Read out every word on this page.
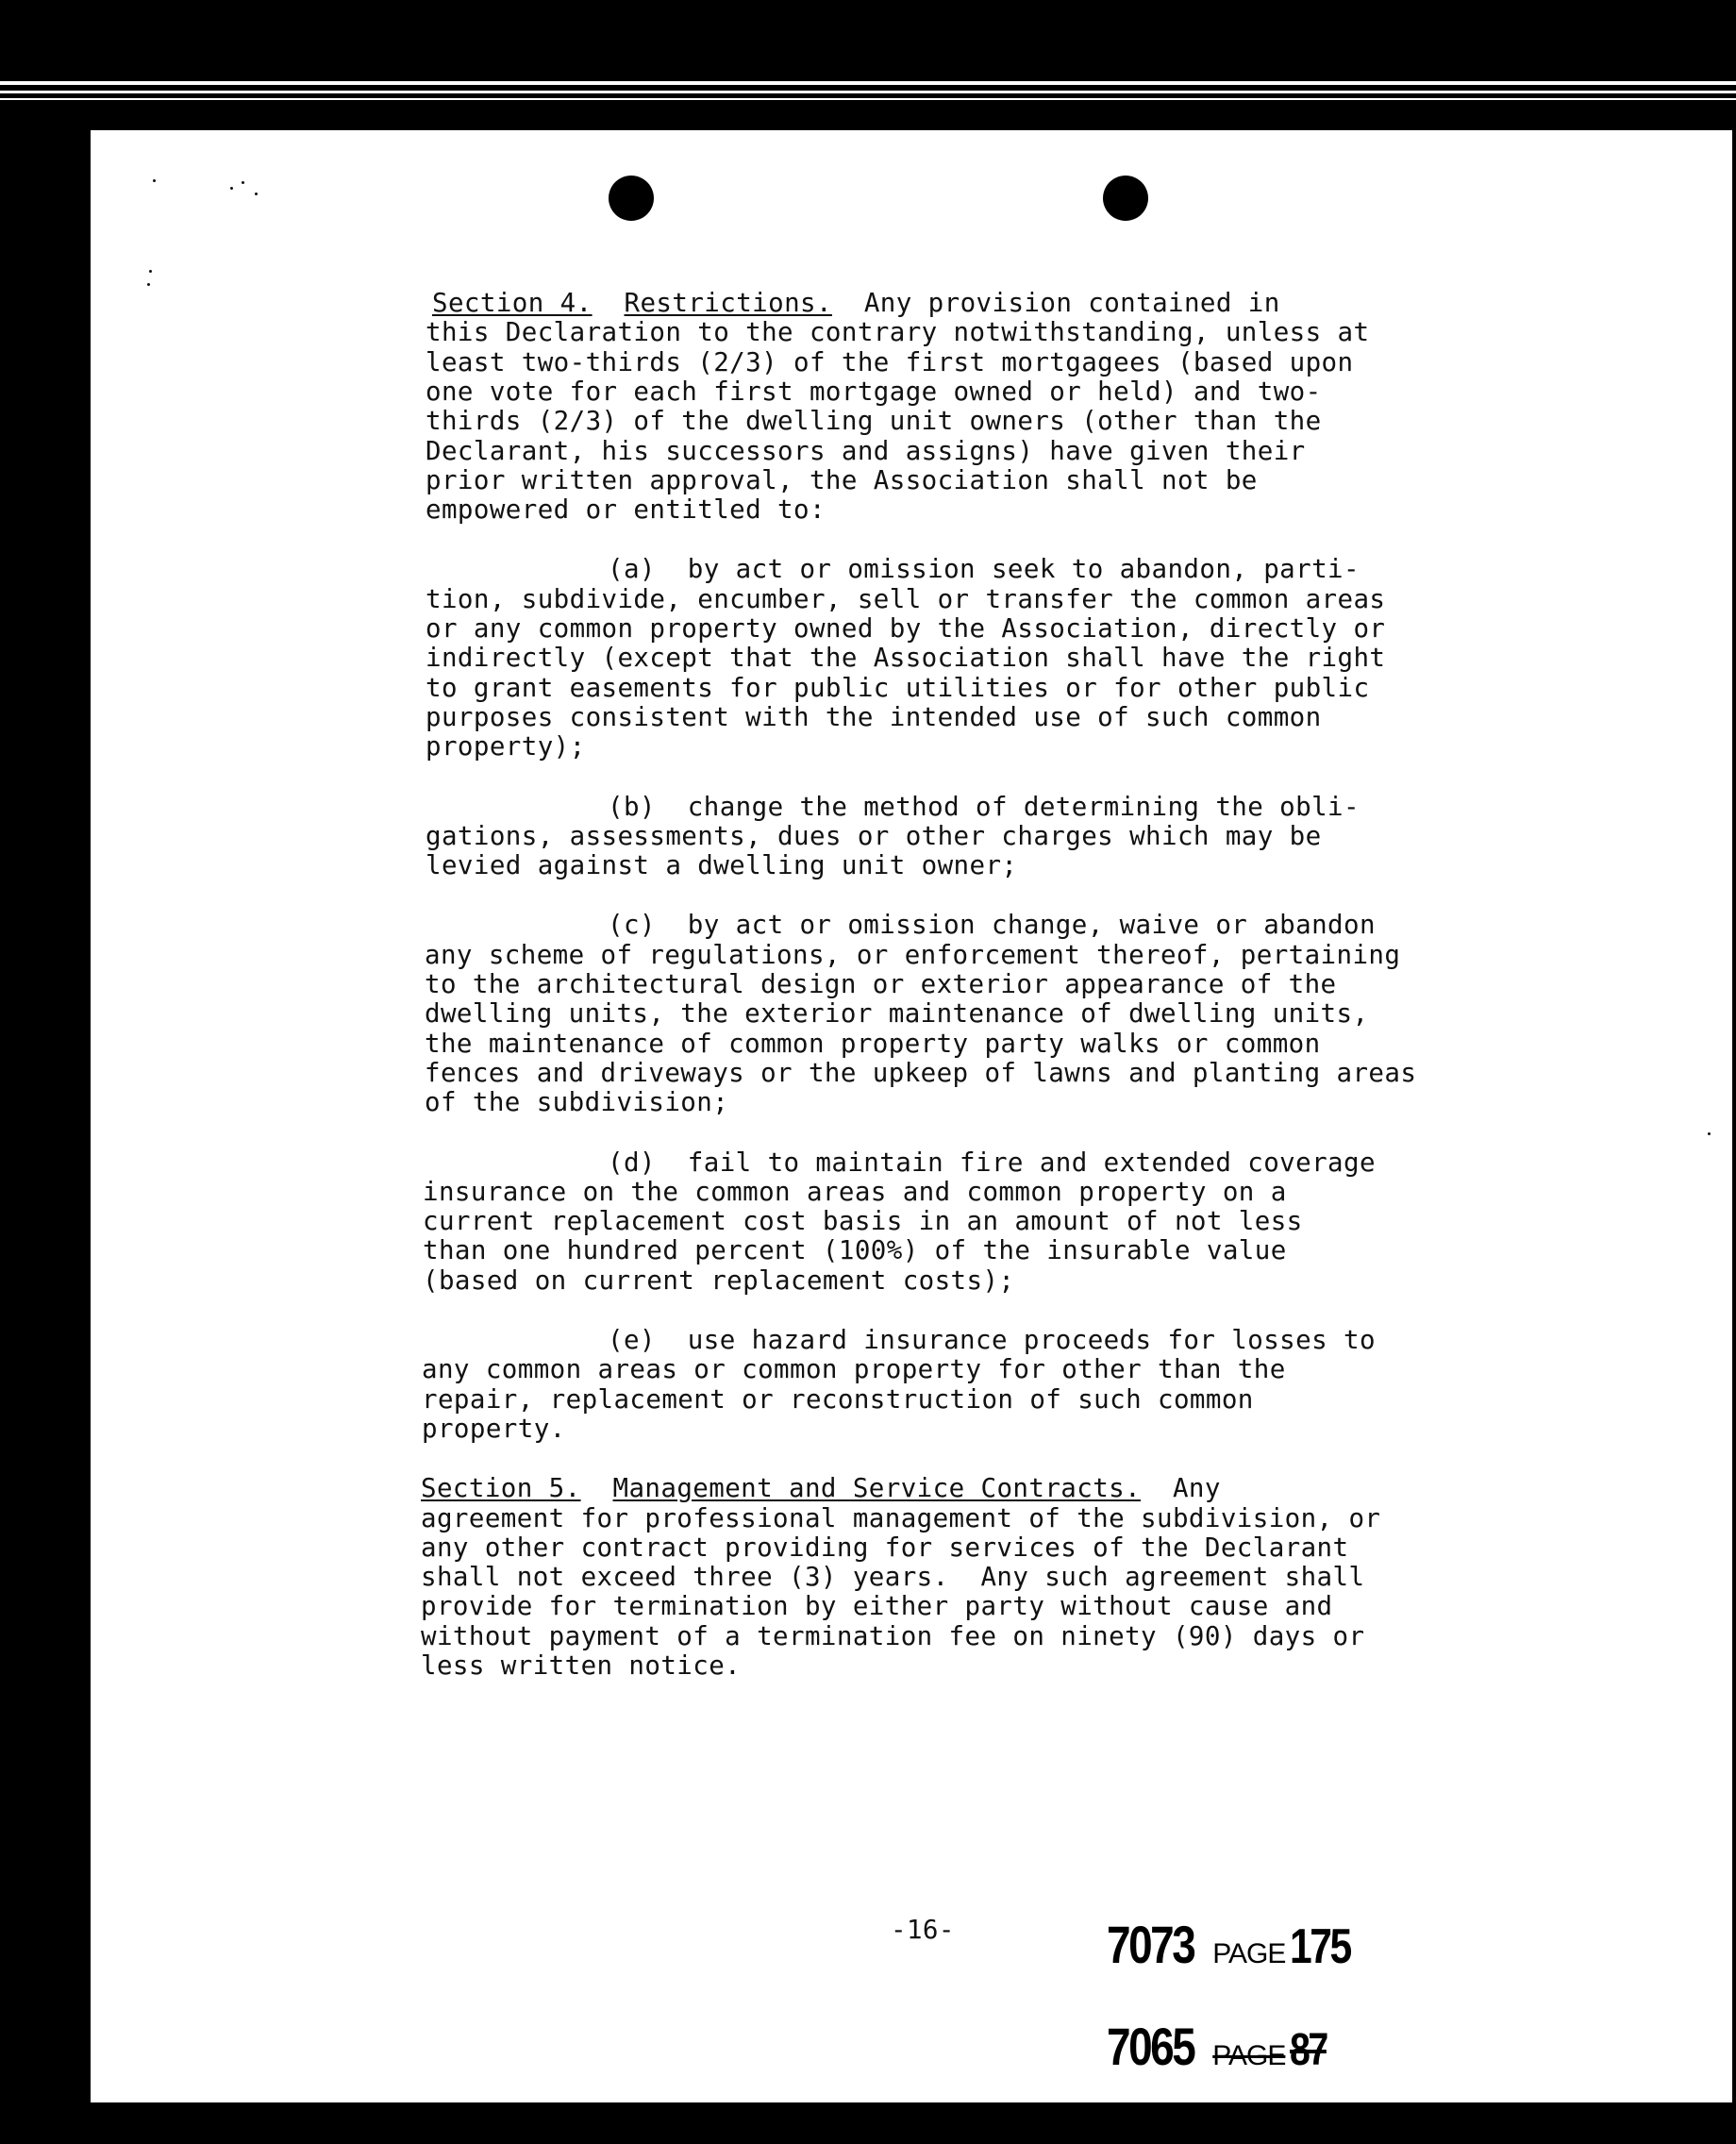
Section 4. Restrictions.  Any provision contained in
this Declaration to the contrary notwithstanding, unless at
least two-thirds (2/3) of the first mortgagees (based upon
one vote for each first mortgage owned or held) and two-
thirds (2/3) of the dwelling unit owners (other than the
Declarant, his successors and assigns) have given their
prior written approval, the Association shall not be
empowered or entitled to:
(a)  by act or omission seek to abandon, parti-
tion, subdivide, encumber, sell or transfer the common areas
or any common property owned by the Association, directly or
indirectly (except that the Association shall have the right
to grant easements for public utilities or for other public
purposes consistent with the intended use of such common
property);
(b)  change the method of determining the obli-
gations, assessments, dues or other charges which may be
levied against a dwelling unit owner;
(c)  by act or omission change, waive or abandon
any scheme of regulations, or enforcement thereof, pertaining
to the architectural design or exterior appearance of the
dwelling units, the exterior maintenance of dwelling units,
the maintenance of common property party walks or common
fences and driveways or the upkeep of lawns and planting areas
of the subdivision;
(d)  fail to maintain fire and extended coverage
insurance on the common areas and common property on a
current replacement cost basis in an amount of not less
than one hundred percent (100%) of the insurable value
(based on current replacement costs);
(e)  use hazard insurance proceeds for losses to
any common areas or common property for other than the
repair, replacement or reconstruction of such common
property.
Section 5. Management and Service Contracts.  Any
agreement for professional management of the subdivision, or
any other contract providing for services of the Declarant
shall not exceed three (3) years.  Any such agreement shall
provide for termination by either party without cause and
without payment of a termination fee on ninety (90) days or
less written notice.
-16-	7073 PAGE 175

7065 PAGE 87
